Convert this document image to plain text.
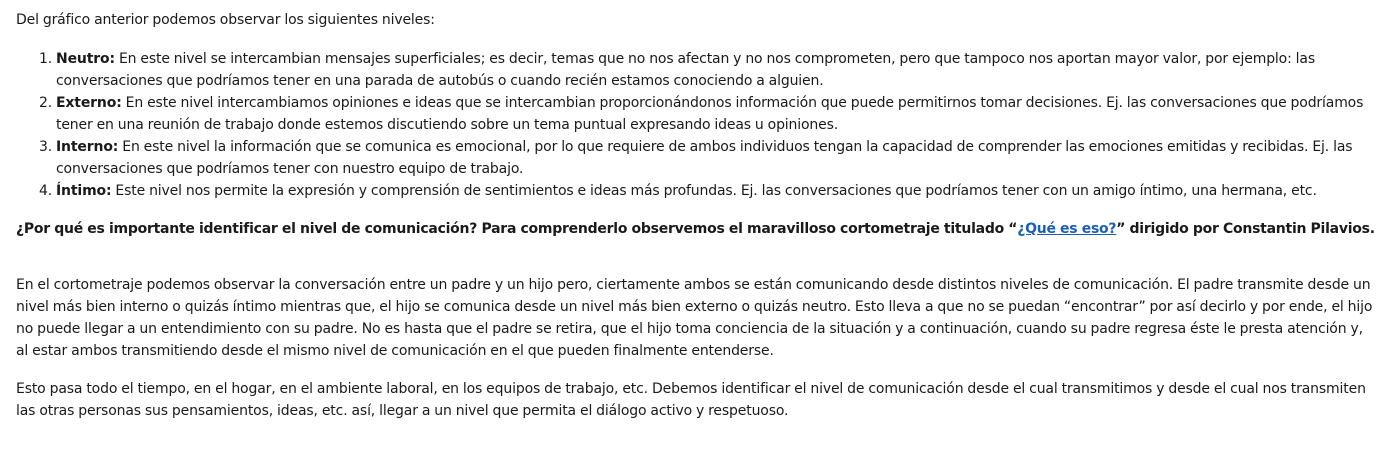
Del gráfico anterior podemos observar los siguientes niveles:

1. Neutro: En este nivel se intercambian mensajes superficiales; es decir, temas que no nos afectan y no nos comprometen, pero que tampoco nos aportan mayor valor, por ejemplo: las conversaciones que podríamos tener en una parada de autobús o cuando recién estamos conociendo a alguien.
2. Externo: En este nivel intercambiamos opiniones e ideas que se intercambian proporcionándonos información que puede permitirnos tomar decisiones. Ej. las conversaciones que podríamos tener en una reunión de trabajo donde estemos discutiendo sobre un tema puntual expresando ideas u opiniones.
3. Interno: En este nivel la información que se comunica es emocional, por lo que requiere de ambos individuos tengan la capacidad de comprender las emociones emitidas y recibidas. Ej. las conversaciones que podríamos tener con nuestro equipo de trabajo.
4. Íntimo: Este nivel nos permite la expresión y comprensión de sentimientos e ideas más profundas. Ej. las conversaciones que podríamos tener con un amigo íntimo, una hermana, etc.

¿Por qué es importante identificar el nivel de comunicación? Para comprenderlo observemos el maravilloso cortometraje titulado “¿Qué es eso?” dirigido por Constantin Pilavios.

En el cortometraje podemos observar la conversación entre un padre y un hijo pero, ciertamente ambos se están comunicando desde distintos niveles de comunicación. El padre transmite desde un nivel más bien interno o quizás íntimo mientras que, el hijo se comunica desde un nivel más bien externo o quizás neutro. Esto lleva a que no se puedan “encontrar” por así decirlo y por ende, el hijo no puede llegar a un entendimiento con su padre. No es hasta que el padre se retira, que el hijo toma conciencia de la situación y a continuación, cuando su padre regresa éste le presta atención y, al estar ambos transmitiendo desde el mismo nivel de comunicación en el que pueden finalmente entenderse.

Esto pasa todo el tiempo, en el hogar, en el ambiente laboral, en los equipos de trabajo, etc. Debemos identificar el nivel de comunicación desde el cual transmitimos y desde el cual nos transmiten las otras personas sus pensamientos, ideas, etc. así, llegar a un nivel que permita el diálogo activo y respetuoso.
